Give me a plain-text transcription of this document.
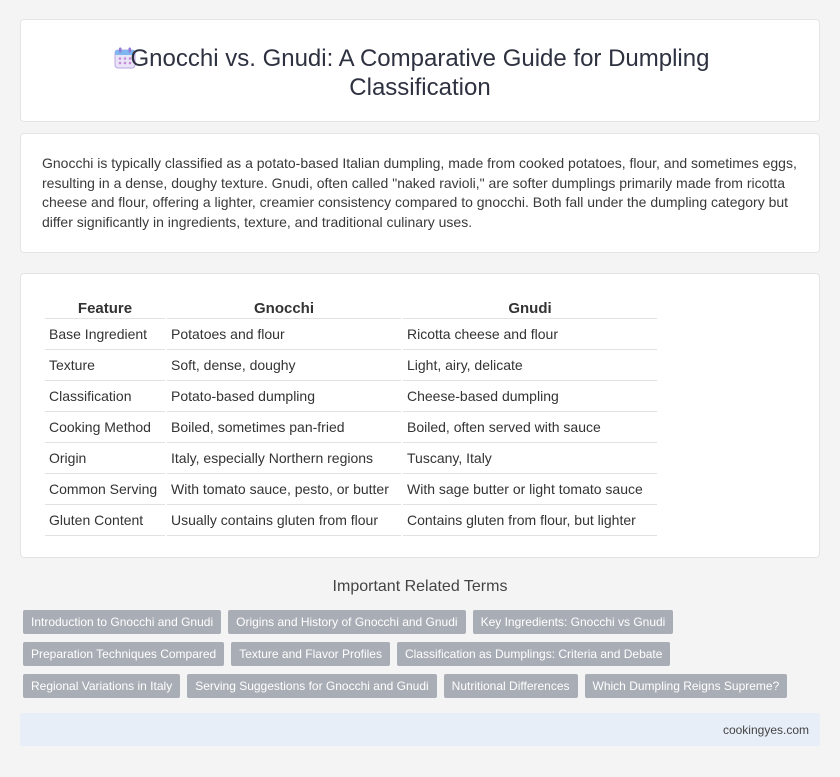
Gnocchi vs. Gnudi: A Comparative Guide for Dumpling Classification

Gnocchi is typically classified as a potato-based Italian dumpling, made from cooked potatoes, flour, and sometimes eggs, resulting in a dense, doughy texture. Gnudi, often called "naked ravioli," are softer dumplings primarily made from ricotta cheese and flour, offering a lighter, creamier consistency compared to gnocchi. Both fall under the dumpling category but differ significantly in ingredients, texture, and traditional culinary uses.

Feature	Gnocchi	Gnudi
Base Ingredient	Potatoes and flour	Ricotta cheese and flour
Texture	Soft, dense, doughy	Light, airy, delicate
Classification	Potato-based dumpling	Cheese-based dumpling
Cooking Method	Boiled, sometimes pan-fried	Boiled, often served with sauce
Origin	Italy, especially Northern regions	Tuscany, Italy
Common Serving	With tomato sauce, pesto, or butter	With sage butter or light tomato sauce
Gluten Content	Usually contains gluten from flour	Contains gluten from flour, but lighter
Important Related Terms
Introduction to Gnocchi and Gnudi	Origins and History of Gnocchi and Gnudi	Key Ingredients: Gnocchi vs Gnudi
Preparation Techniques Compared	Texture and Flavor Profiles	Classification as Dumplings: Criteria and Debate
Regional Variations in Italy	Serving Suggestions for Gnocchi and Gnudi	Nutritional Differences	Which Dumpling Reigns Supreme?
cookingyes.com
